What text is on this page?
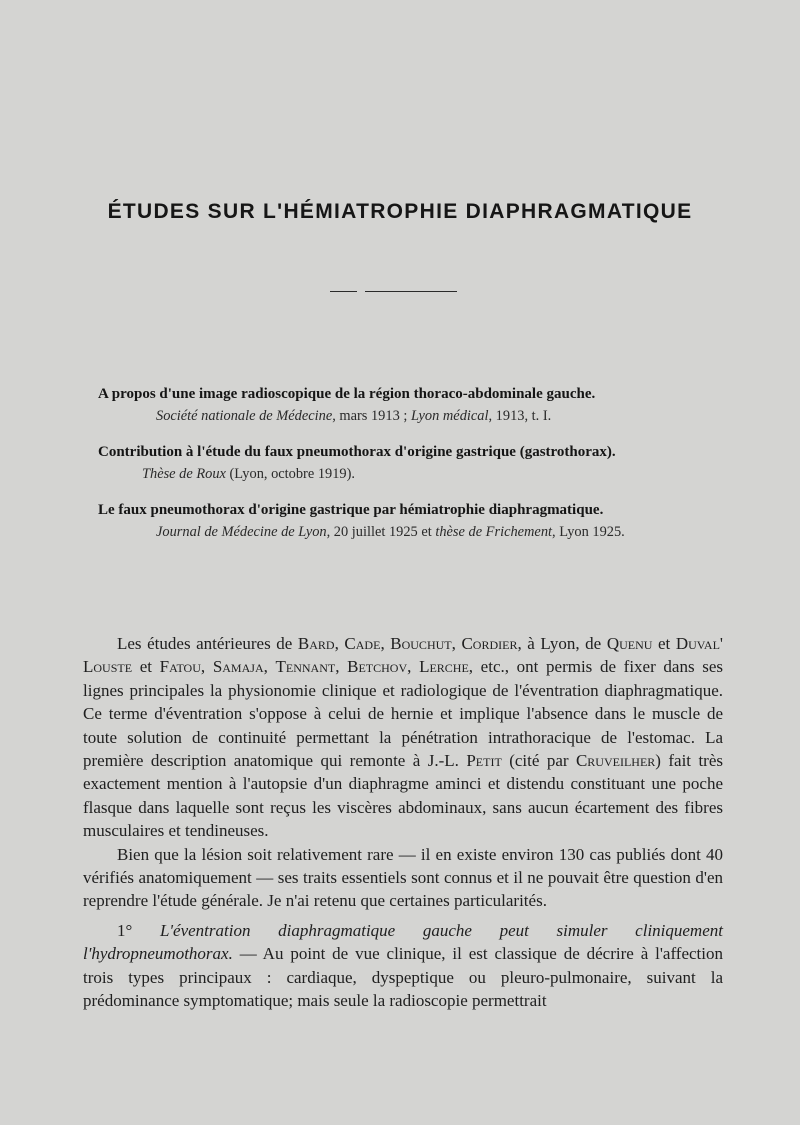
ÉTUDES SUR L'HÉMIATROPHIE DIAPHRAGMATIQUE
A propos d'une image radioscopique de la région thoraco-abdominale gauche.
Société nationale de Médecine, mars 1913 ; Lyon médical, 1913, t. I.
Contribution à l'étude du faux pneumothorax d'origine gastrique (gastrothorax).
Thèse de Roux (Lyon, octobre 1919).
Le faux pneumothorax d'origine gastrique par hémiatrophie diaphragmatique.
Journal de Médecine de Lyon, 20 juillet 1925 et thèse de Frichement, Lyon 1925.

Les études antérieures de Bard, Cade, Bouchut, Cordier, à Lyon, de Quenu et Duval' Louste et Fatou, Samaja, Tennant, Betchov, Lerche, etc., ont permis de fixer dans ses lignes principales la physionomie clinique et radiologique de l'éventration diaphragmatique. Ce terme d'éventration s'oppose à celui de hernie et implique l'absence dans le muscle de toute solution de continuité permettant la pénétration intrathoracique de l'estomac. La première description anatomique qui remonte à J.-L. Petit (cité par Cruveilher) fait très exactement mention à l'autopsie d'un diaphragme aminci et distendu constituant une poche flasque dans laquelle sont reçus les viscères abdominaux, sans aucun écartement des fibres musculaires et tendineuses.

Bien que la lésion soit relativement rare — il en existe environ 130 cas publiés dont 40 vérifiés anatomiquement — ses traits essentiels sont connus et il ne pouvait être question d'en reprendre l'étude générale. Je n'ai retenu que certaines particularités.

1° L'éventration diaphragmatique gauche peut simuler cliniquement l'hydropneumothorax. — Au point de vue clinique, il est classique de décrire à l'affection trois types principaux : cardiaque, dyspeptique ou pleuro-pulmonaire, suivant la prédominance symptomatique; mais seule la radioscopie permettrait
